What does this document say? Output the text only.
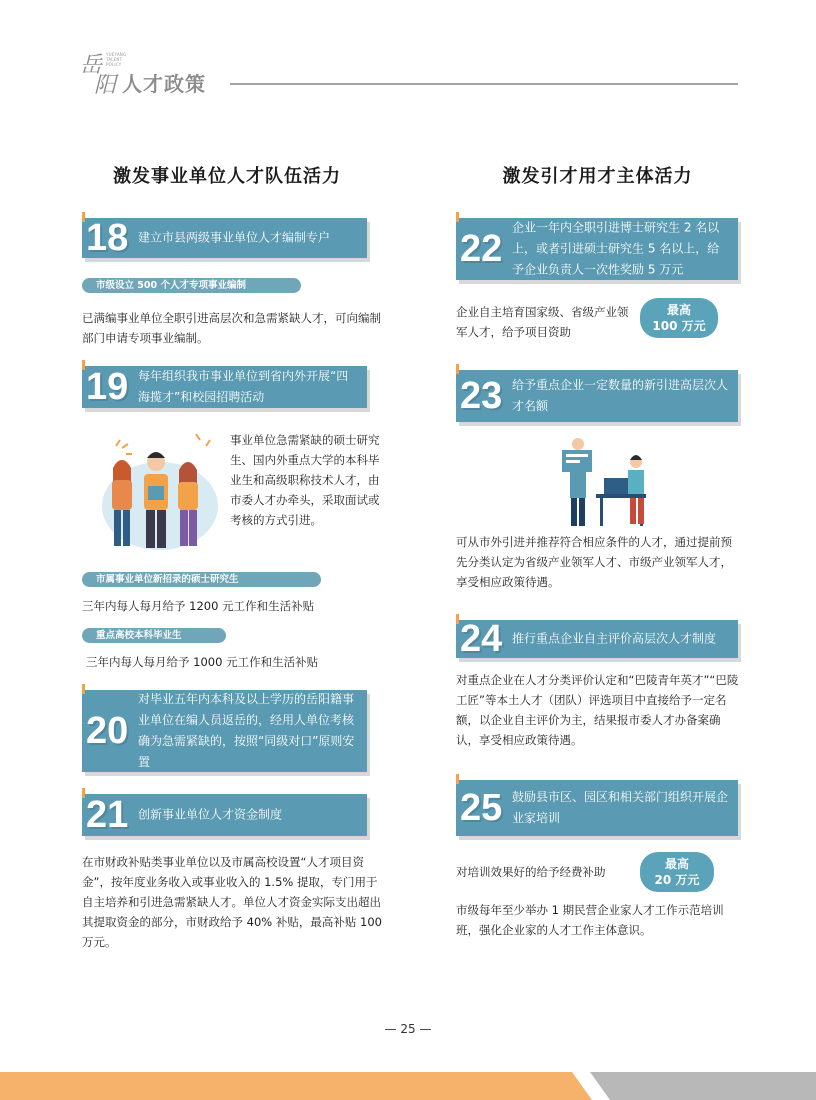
岳
阳
YUEYANG
TALENT
POLICY
人才政策
激发事业单位人才队伍活力
18 建立市县两级事业单位人才编制专户
市级设立 500 个人才专项事业编制
已满编事业单位全职引进高层次和急需紧缺人才，可向编制部门申请专项事业编制。
19 每年组织我市事业单位到省内外开展“四海揽才”和校园招聘活动
事业单位急需紧缺的硕士研究生、国内外重点大学的本科毕业生和高级职称技术人才，由市委人才办牵头，采取面试或考核的方式引进。
市属事业单位新招录的硕士研究生
三年内每人每月给予 1200 元工作和生活补贴
重点高校本科毕业生
三年内每人每月给予 1000 元工作和生活补贴
20
对毕业五年内本科及以上学历的岳阳籍事业单位在编人员返岳的，经用人单位考核确为急需紧缺的，按照“同级对口”原则安置
21 创新事业单位人才资金制度
在市财政补贴类事业单位以及市属高校设置“人才项目资金”，按年度业务收入或事业收入的 1.5% 提取，专门用于自主培养和引进急需紧缺人才。单位人才资金实际支出超出其提取资金的部分，市财政给予 40% 补贴，最高补贴 100 万元。
激发引才用才主体活力
22
企业一年内全职引进博士研究生 2 名以上，或者引进硕士研究生 5 名以上，给予企业负责人一次性奖励 5 万元
企业自主培育国家级、省级产业领军人才，给予项目资助
最高
100 万元
23 给予重点企业一定数量的新引进高层次人才名额
可从市外引进并推荐符合相应条件的人才，通过提前预先分类认定为省级产业领军人才、市级产业领军人才，享受相应政策待遇。
24 推行重点企业自主评价高层次人才制度
对重点企业在人才分类评价认定和“巴陵青年英才”“巴陵工匠”等本土人才（团队）评选项目中直接给予一定名额，以企业自主评价为主，结果报市委人才办备案确认，享受相应政策待遇。
25 鼓励县市区、园区和相关部门组织开展企业家培训
对培训效果好的给予经费补助
最高
20 万元
市级每年至少举办 1 期民营企业家人才工作示范培训班，强化企业家的人才工作主体意识。
— 25 —
